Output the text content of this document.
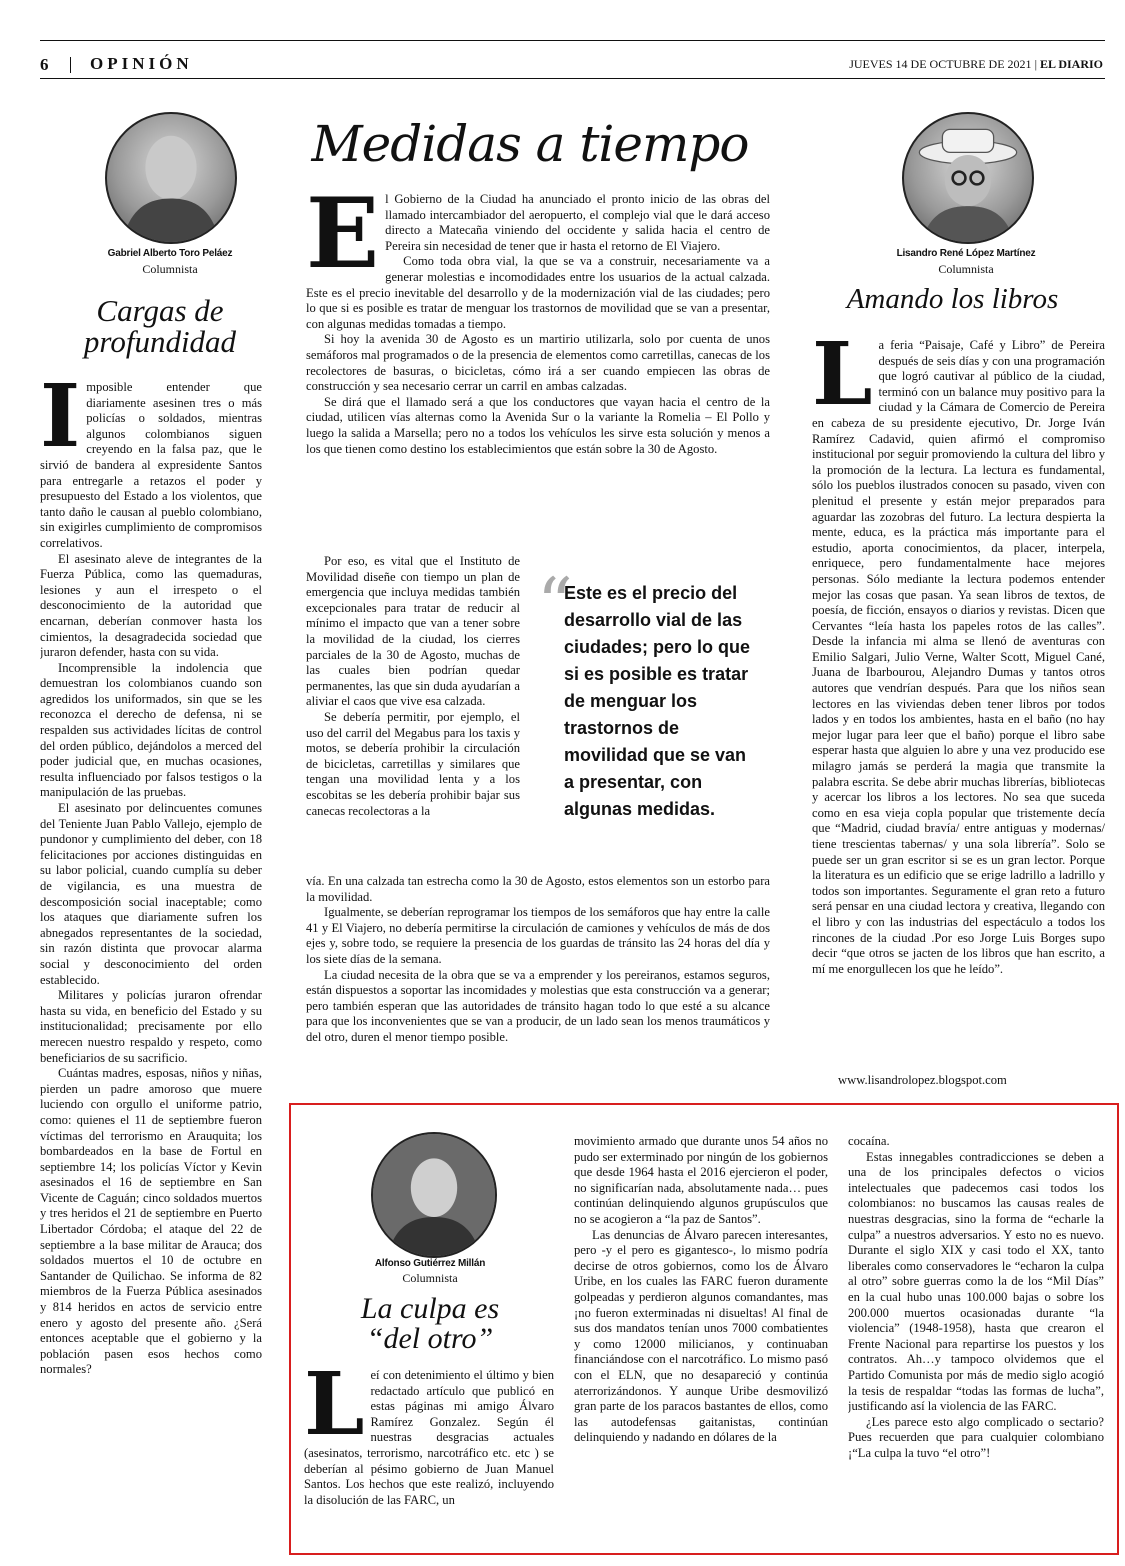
6 OPINIÓN	JUEVES 14 DE OCTUBRE DE 2021 | EL DIARIO
Gabriel Alberto Toro Peláez
Columnista
Cargas de
profundidad
I mposible entender que diariamente asesinen tres o más policías o soldados, mientras algunos colombianos siguen creyendo en la falsa paz, que le sirvió de bandera al expresidente Santos para entregarle a retazos el poder y presupuesto del Estado a los violentos, que tanto daño le causan al pueblo colombiano, sin exigirles cumplimiento de compromisos correlativos.

El asesinato aleve de integrantes de la Fuerza Pública, como las quemaduras, lesiones y aun el irrespeto o el desconocimiento de la autoridad que encarnan, deberían conmover hasta los cimientos, la desagradecida sociedad que juraron defender, hasta con su vida.

Incomprensible la indolencia que demuestran los colombianos cuando son agredidos los uniformados, sin que se les reconozca el derecho de defensa, ni se respalden sus actividades lícitas de control del orden público, dejándolos a merced del poder judicial que, en muchas ocasiones, resulta influenciado por falsos testigos o la manipulación de las pruebas.

El asesinato por delincuentes comunes del Teniente Juan Pablo Vallejo, ejemplo de pundonor y cumplimiento del deber, con 18 felicitaciones por acciones distinguidas en su labor policial, cuando cumplía su deber de vigilancia, es una muestra de descomposición social inaceptable; como los ataques que diariamente sufren los abnegados representantes de la sociedad, sin razón distinta que provocar alarma social y desconocimiento del orden establecido.

Militares y policías juraron ofrendar hasta su vida, en beneficio del Estado y su institucionalidad; precisamente por ello merecen nuestro respaldo y respeto, como beneficiarios de su sacrificio.

Cuántas madres, esposas, niños y niñas, pierden un padre amoroso que muere luciendo con orgullo el uniforme patrio, como: quienes el 11 de septiembre fueron víctimas del terrorismo en Arauquita; los bombardeados en la base de Fortul en septiembre 14; los policías Víctor y Kevin asesinados el 16 de septiembre en San Vicente de Caguán; cinco soldados muertos y tres heridos el 21 de septiembre en Puerto Libertador Córdoba; el ataque del 22 de septiembre a la base militar de Arauca; dos soldados muertos el 10 de octubre en Santander de Quilichao. Se informa de 82 miembros de la Fuerza Pública asesinados y 814 heridos en actos de servicio entre enero y agosto del presente año. ¿Será entonces aceptable que el gobierno y la población pasen esos hechos como normales?

Medidas a tiempo
E l Gobierno de la Ciudad ha anunciado el pronto inicio de las obras del llamado intercambiador del aeropuerto, el complejo vial que le dará acceso directo a Matecaña viniendo del occidente y salida hacia el centro de Pereira sin necesidad de tener que ir hasta el retorno de El Viajero.

Como toda obra vial, la que se va a construir, necesariamente va a generar molestias e incomodidades entre los usuarios de la actual calzada. Este es el precio inevitable del desarrollo y de la modernización vial de las ciudades; pero lo que si es posible es tratar de menguar los trastornos de movilidad que se van a presentar, con algunas medidas tomadas a tiempo.

Si hoy la avenida 30 de Agosto es un martirio utilizarla, solo por cuenta de unos semáforos mal programados o de la presencia de elementos como carretillas, canecas de los recolectores de basuras, o bicicletas, cómo irá a ser cuando empiecen las obras de construcción y sea necesario cerrar un carril en ambas calzadas.

Se dirá que el llamado será a que los conductores que vayan hacia el centro de la ciudad, utilicen vías alternas como la Avenida Sur o la variante la Romelia – El Pollo y luego la salida a Marsella; pero no a todos los vehículos les sirve esta solución y menos a los que tienen como destino los establecimientos que están sobre la 30 de Agosto.

Por eso, es vital que el Instituto de Movilidad diseñe con tiempo un plan de emergencia que incluya medidas también excepcionales para tratar de reducir al mínimo el impacto que van a tener sobre la movilidad de la ciudad, los cierres parciales de la 30 de Agosto, muchas de las cuales bien podrían quedar permanentes, las que sin duda ayudarían a aliviar el caos que vive esa calzada.

Se debería permitir, por ejemplo, el uso del carril del Megabus para los taxis y motos, se debería prohibir la circulación de bicicletas, carretillas y similares que tengan una movilidad lenta y a los escobitas se les debería prohibir bajar sus canecas recolectoras a la

“
Este es el precio del desarrollo vial de las ciudades; pero lo que si es posible es tratar de menguar los trastornos de movilidad que se van a presentar, con algunas medidas.

vía. En una calzada tan estrecha como la 30 de Agosto, estos elementos son un estorbo para la movilidad.

Igualmente, se deberían reprogramar los tiempos de los semáforos que hay entre la calle 41 y El Viajero, no debería permitirse la circulación de camiones y vehículos de más de dos ejes y, sobre todo, se requiere la presencia de los guardas de tránsito las 24 horas del día y los siete días de la semana.

La ciudad necesita de la obra que se va a emprender y los pereiranos, estamos seguros, están dispuestos a soportar las incomidades y molestias que esta construcción va a generar; pero también esperan que las autoridades de tránsito hagan todo lo que esté a su alcance para que los inconvenientes que se van a producir, de un lado sean los menos traumáticos y del otro, duren el menor tiempo posible.

Lisandro René López Martínez
Columnista
Amando los libros
L a feria “Paisaje, Café y Libro” de Pereira después de seis días y con una programación que logró cautivar al público de la ciudad, terminó con un balance muy positivo para la ciudad y la Cámara de Comercio de Pereira en cabeza de su presidente ejecutivo, Dr. Jorge Iván Ramírez Cadavid, quien afirmó el compromiso institucional por seguir promoviendo la cultura del libro y la promoción de la lectura. La lectura es fundamental, sólo los pueblos ilustrados conocen su pasado, viven con plenitud el presente y están mejor preparados para aguardar las zozobras del futuro. La lectura despierta la mente, educa, es la práctica más importante para el estudio, aporta conocimientos, da placer, interpela, enriquece, pero fundamentalmente hace mejores personas. Sólo mediante la lectura podemos entender mejor las cosas que pasan. Ya sean libros de textos, de poesía, de ficción, ensayos o diarios y revistas. Dicen que Cervantes “leía hasta los papeles rotos de las calles”. Desde la infancia mi alma se llenó de aventuras con Emilio Salgari, Julio Verne, Walter Scott, Miguel Cané, Juana de Ibarbourou, Alejandro Dumas y tantos otros autores que vendrían después. Para que los niños sean lectores en las viviendas deben tener libros por todos lados y en todos los ambientes, hasta en el baño (no hay mejor lugar para leer que el baño) porque el libro sabe esperar hasta que alguien lo abre y una vez producido ese milagro jamás se perderá la magia que transmite la palabra escrita. Se debe abrir muchas librerías, bibliotecas y acercar los libros a los lectores. No sea que suceda como en esa vieja copla popular que tristemente decía que “Madrid, ciudad bravía/ entre antiguas y modernas/ tiene trescientas tabernas/ y una sola librería”. Solo se puede ser un gran escritor si se es un gran lector. Porque la literatura es un edificio que se erige ladrillo a ladrillo y todos son importantes. Seguramente el gran reto a futuro será pensar en una ciudad lectora y creativa, llegando con el libro y con las industrias del espectáculo a todos los rincones de la ciudad .Por eso Jorge Luis Borges supo decir “que otros se jacten de los libros que han escrito, a mí me enorgullecen los que he leído”.

www.lisandrolopez.blogspot.com
Alfonso Gutiérrez Millán
Columnista
La culpa es
“del otro”
L eí con detenimiento el último y bien redactado artículo que publicó en estas páginas mi amigo Álvaro Ramírez Gonzalez. Según él nuestras desgracias actuales (asesinatos, terrorismo, narcotráfico etc. etc ) se deberían al pésimo gobierno de Juan Manuel Santos. Los hechos que este realizó, incluyendo la disolución de las FARC, un

movimiento armado que durante unos 54 años no pudo ser exterminado por ningún de los gobiernos que desde 1964 hasta el 2016 ejercieron el poder, no significarían nada, absolutamente nada… pues continúan delinquiendo algunos grupúsculos que no se acogieron a “la paz de Santos”.

Las denuncias de Álvaro parecen interesantes, pero -y el pero es gigantesco-, lo mismo podría decirse de otros gobiernos, como los de Álvaro Uribe, en los cuales las FARC fueron duramente golpeadas y perdieron algunos comandantes, mas ¡no fueron exterminadas ni disueltas! Al final de sus dos mandatos tenían unos 7000 combatientes y como 12000 milicianos, y continuaban financiándose con el narcotráfico. Lo mismo pasó con el ELN, que no desapareció y continúa aterrorizándonos. Y aunque Uribe desmovilizó gran parte de los paracos bastantes de ellos, como las autodefensas gaitanistas, continúan delinquiendo y nadando en dólares de la

cocaína.

Estas innegables contradicciones se deben a una de los principales defectos o vicios intelectuales que padecemos casi todos los colombianos: no buscamos las causas reales de nuestras desgracias, sino la forma de “echarle la culpa” a nuestros adversarios. Y esto no es nuevo. Durante el siglo XIX y casi todo el XX, tanto liberales como conservadores le “echaron la culpa al otro” sobre guerras como la de los “Mil Días” en la cual hubo unas 100.000 bajas o sobre los 200.000 muertos ocasionadas durante “la violencia” (1948-1958), hasta que crearon el Frente Nacional para repartirse los puestos y los contratos. Ah…y tampoco olvidemos que el Partido Comunista por más de medio siglo acogió la tesis de respaldar “todas las formas de lucha”, justificando así la violencia de las FARC.

¿Les parece esto algo complicado o sectario? Pues recuerden que para cualquier colombiano ¡“La culpa la tuvo “el otro”!
